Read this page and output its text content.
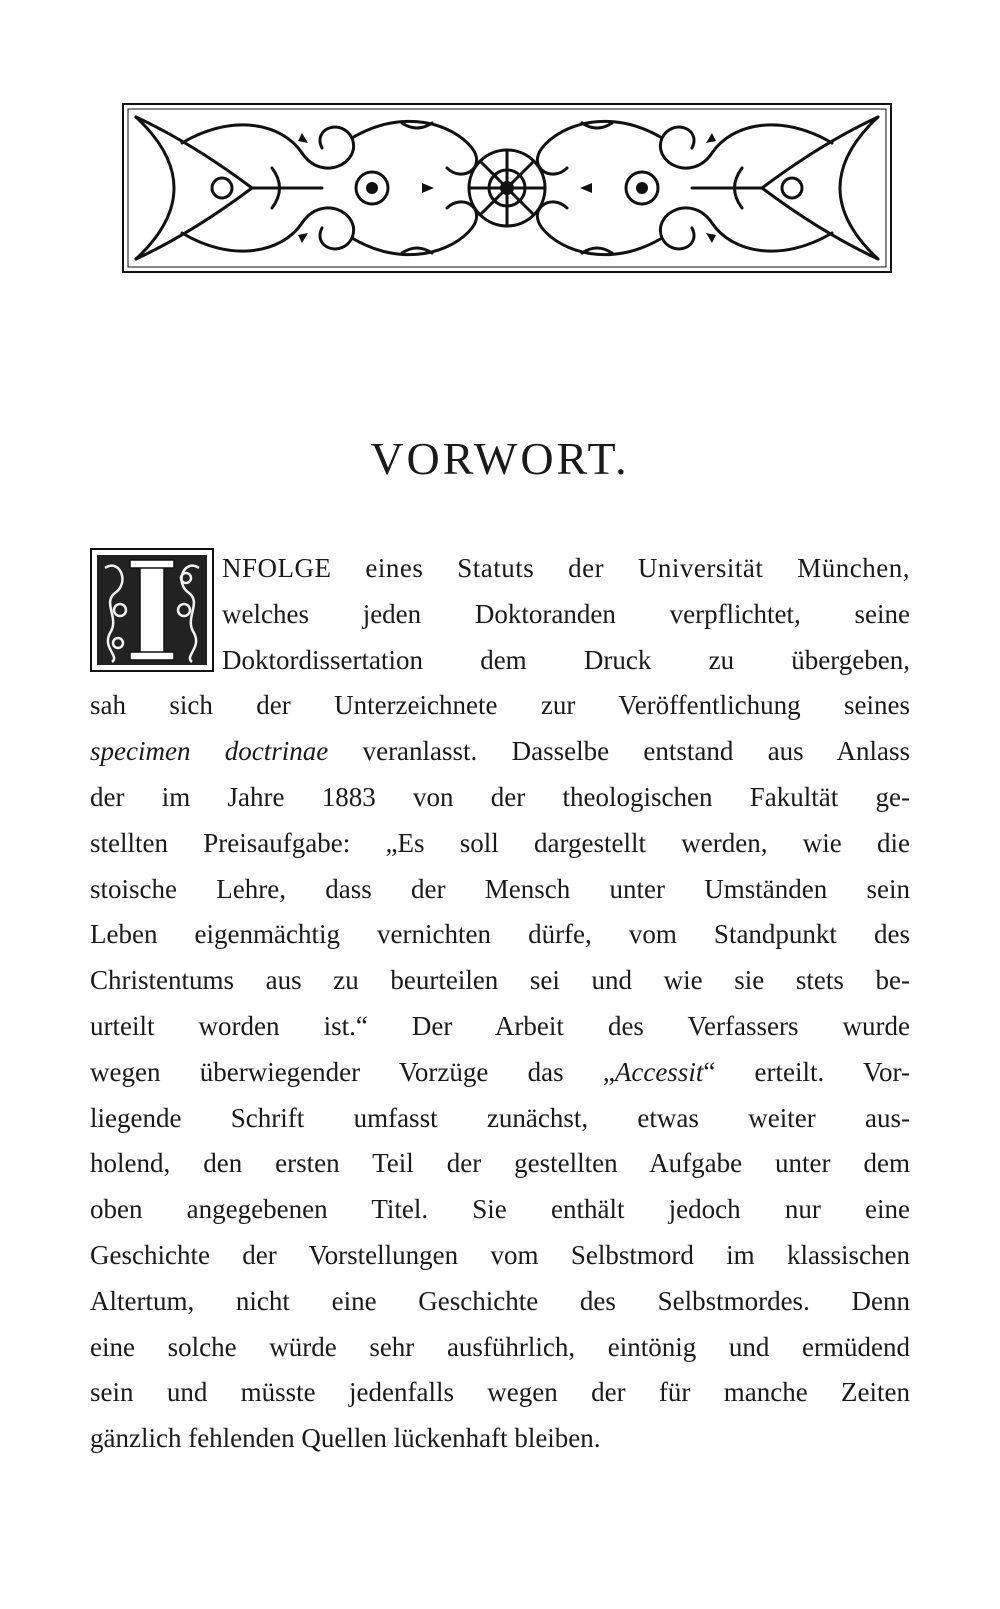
VORWORT.
NFOLGE eines Statuts der Universität München,
welches jeden Doktoranden verpflichtet, seine
Doktordissertation dem Druck zu übergeben,
sah sich der Unterzeichnete zur Veröffentlichung seines
specimen doctrinae veranlasst. Dasselbe entstand aus Anlass
der im Jahre 1883 von der theologischen Fakultät ge-
stellten Preisaufgabe: „Es soll dargestellt werden, wie die
stoische Lehre, dass der Mensch unter Umständen sein
Leben eigenmächtig vernichten dürfe, vom Standpunkt des
Christentums aus zu beurteilen sei und wie sie stets be-
urteilt worden ist.“ Der Arbeit des Verfassers wurde
wegen überwiegender Vorzüge das „Accessit“ erteilt. Vor-
liegende Schrift umfasst zunächst, etwas weiter aus-
holend, den ersten Teil der gestellten Aufgabe unter dem
oben angegebenen Titel. Sie enthält jedoch nur eine
Geschichte der Vorstellungen vom Selbstmord im klassischen
Altertum, nicht eine Geschichte des Selbstmordes. Denn
eine solche würde sehr ausführlich, eintönig und ermüdend
sein und müsste jedenfalls wegen der für manche Zeiten
gänzlich fehlenden Quellen lückenhaft bleiben.
